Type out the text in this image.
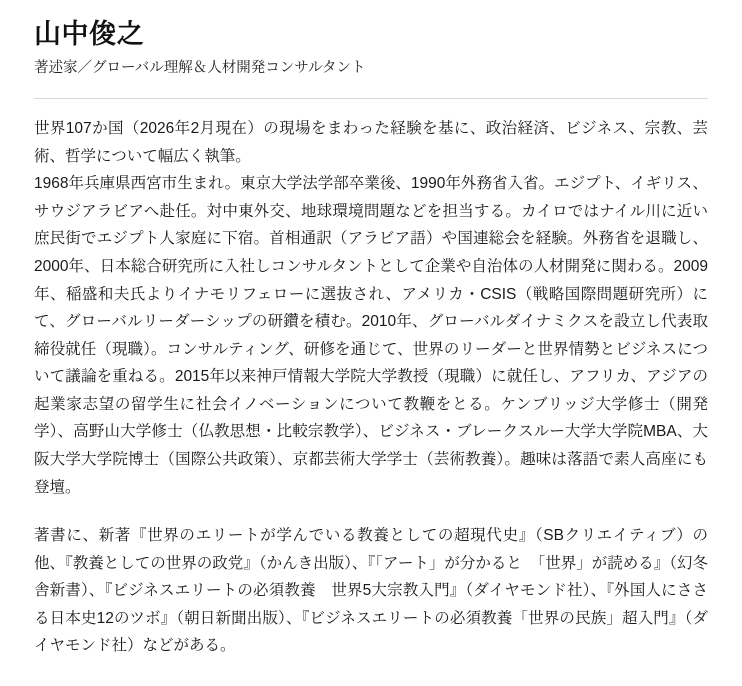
山中俊之

著述家／グローバル理解＆人材開発コンサルタント

世界107か国（2026年2月現在）の現場をまわった経験を基に、政治経済、ビジネス、宗教、芸術、哲学について幅広く執筆。

1968年兵庫県西宮市生まれ。東京大学法学部卒業後、1990年外務省入省。エジプト、イギリス、サウジアラビアへ赴任。対中東外交、地球環境問題などを担当する。カイロではナイル川に近い庶民街でエジプト人家庭に下宿。首相通訳（アラビア語）や国連総会を経験。外務省を退職し、2000年、日本総合研究所に入社しコンサルタントとして企業や自治体の人材開発に関わる。2009年、稲盛和夫氏よりイナモリフェローに選抜され、アメリカ・CSIS（戦略国際問題研究所）にて、グローバルリーダーシップの研鑽を積む。2010年、グローバルダイナミクスを設立し代表取締役就任（現職）。コンサルティング、研修を通じて、世界のリーダーと世界情勢とビジネスについて議論を重ねる。2015年以来神戸情報大学院大学教授（現職）に就任し、アフリカ、アジアの起業家志望の留学生に社会イノベーションについて教鞭をとる。ケンブリッジ大学修士（開発学）、高野山大学修士（仏教思想・比較宗教学）、ビジネス・ブレークスルー大学大学院MBA、大阪大学大学院博士（国際公共政策）、京都芸術大学学士（芸術教養）。趣味は落語で素人高座にも登壇。

著書に、新著『世界のエリートが学んでいる教養としての超現代史』（SBクリエイティブ）の他、『教養としての世界の政党』（かんき出版）、『「アート」が分かると　「世界」が読める』（幻冬舎新書）、『ビジネスエリートの必須教養　世界5大宗教入門』（ダイヤモンド社）、『外国人にささる日本史12のツボ』（朝日新聞出版）、『ビジネスエリートの必須教養「世界の民族」超入門』（ダイヤモンド社）などがある。
